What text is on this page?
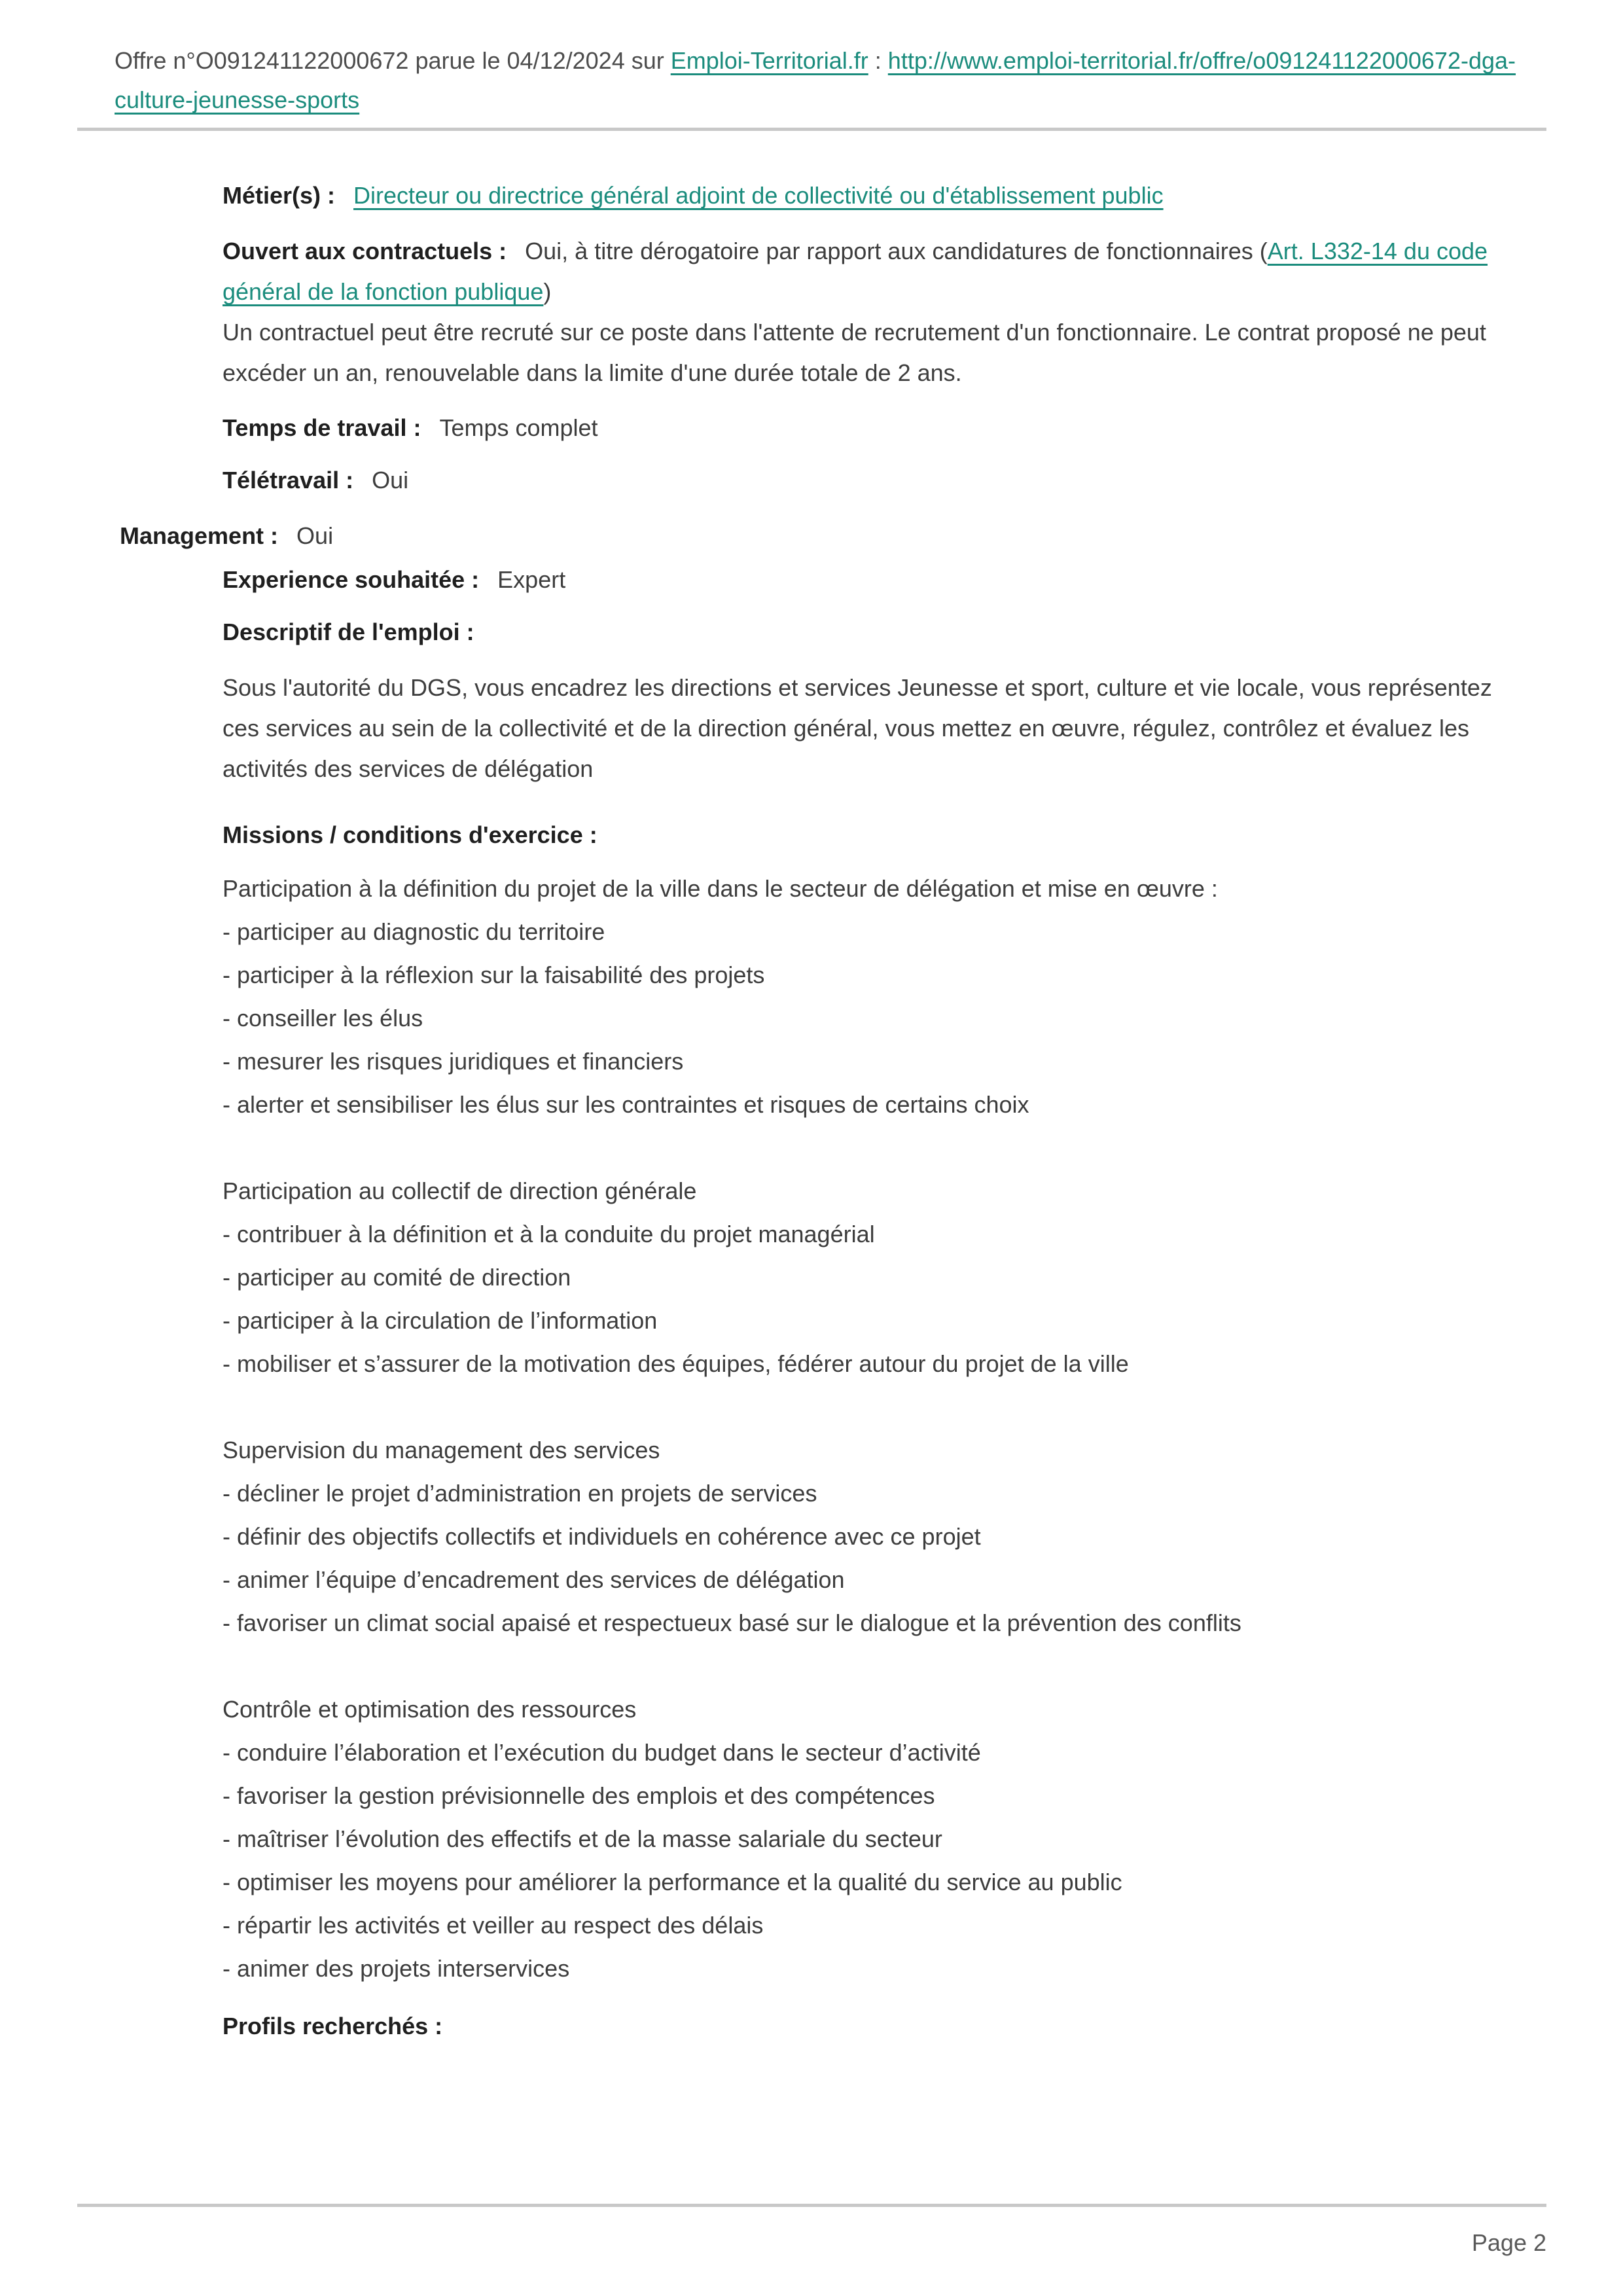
Offre n°O091241122000672 parue le 04/12/2024 sur Emploi-Territorial.fr : http://www.emploi-territorial.fr/offre/o091241122000672-dga-culture-jeunesse-sports
Métier(s) : Directeur ou directrice général adjoint de collectivité ou d'établissement public
Ouvert aux contractuels : Oui, à titre dérogatoire par rapport aux candidatures de fonctionnaires (Art. L332-14 du code général de la fonction publique)
Un contractuel peut être recruté sur ce poste dans l'attente de recrutement d'un fonctionnaire. Le contrat proposé ne peut excéder un an, renouvelable dans la limite d'une durée totale de 2 ans.
Temps de travail : Temps complet
Télétravail : Oui
Management : Oui
Experience souhaitée : Expert
Descriptif de l'emploi :
Sous l'autorité du DGS, vous encadrez les directions et services Jeunesse et sport, culture et vie locale, vous représentez ces services au sein de la collectivité et de la direction général, vous mettez en œuvre, régulez, contrôlez et évaluez les activités des services de délégation
Missions / conditions d'exercice :
Participation à la définition du projet de la ville dans le secteur de délégation et mise en œuvre :
- participer au diagnostic du territoire
- participer à la réflexion sur la faisabilité des projets
- conseiller les élus
- mesurer les risques juridiques et financiers
- alerter et sensibiliser les élus sur les contraintes et risques de certains choix

Participation au collectif de direction générale
- contribuer à la définition et à la conduite du projet managérial
- participer au comité de direction
- participer à la circulation de l’information
- mobiliser et s’assurer de la motivation des équipes, fédérer autour du projet de la ville

Supervision du management des services
- décliner le projet d’administration en projets de services
- définir des objectifs collectifs et individuels en cohérence avec ce projet
- animer l’équipe d’encadrement des services de délégation
- favoriser un climat social apaisé et respectueux basé sur le dialogue et la prévention des conflits

Contrôle et optimisation des ressources
- conduire l’élaboration et l’exécution du budget dans le secteur d’activité
- favoriser la gestion prévisionnelle des emplois et des compétences
- maîtriser l’évolution des effectifs et de la masse salariale du secteur
- optimiser les moyens pour améliorer la performance et la qualité du service au public
- répartir les activités et veiller au respect des délais
- animer des projets interservices
Profils recherchés :
Page 2
